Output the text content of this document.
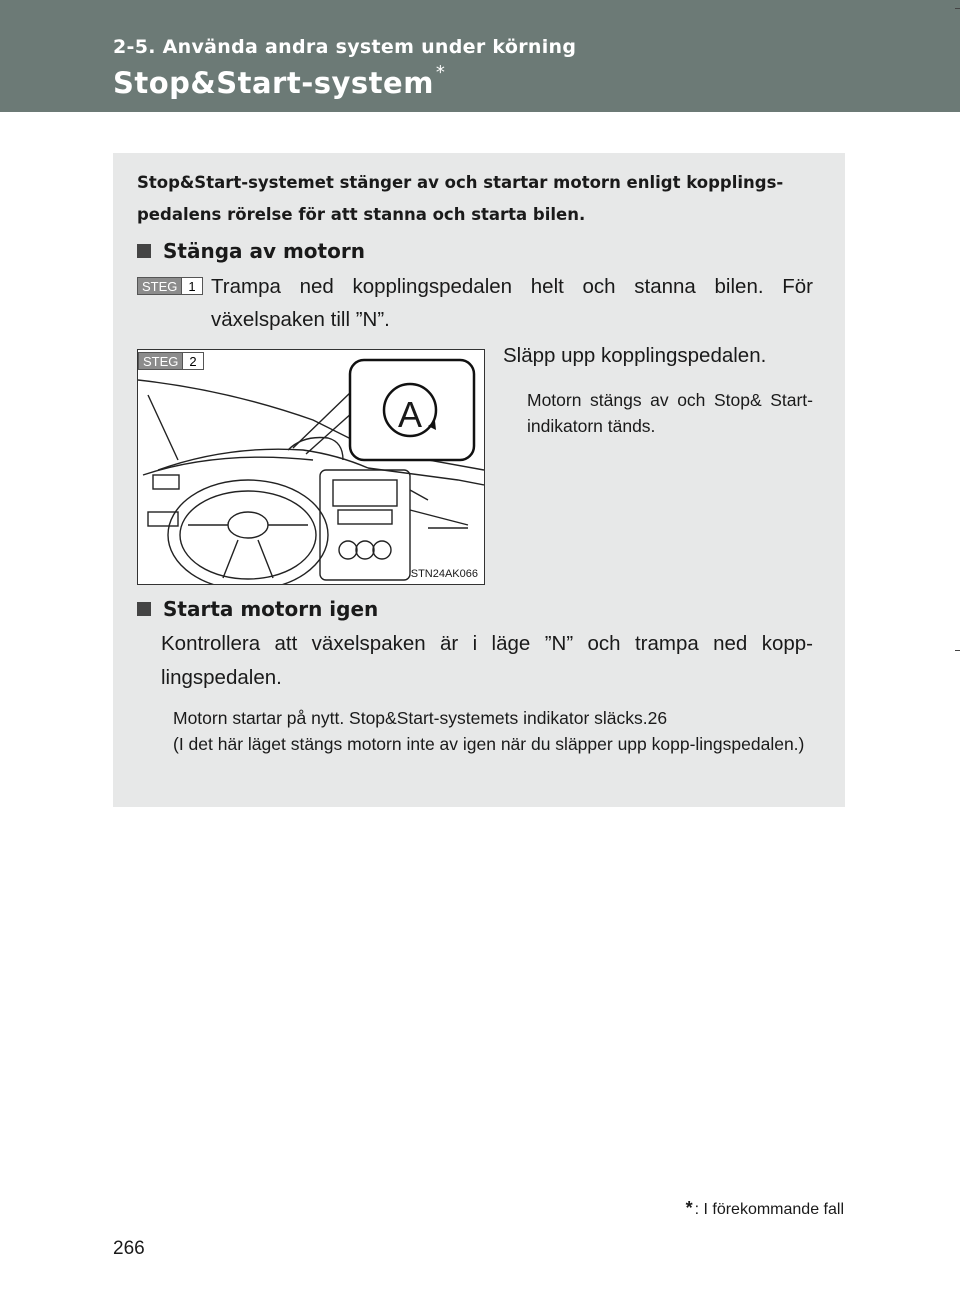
2-5. Använda andra system under körning
Stop&Start-system *
Stop&Start-systemet stänger av och startar motorn enligt kopplings-pedalens rörelse för att stanna och starta bilen.
Stänga av motorn
STEG 1 Trampa ned kopplingspedalen helt och stanna bilen. För växelspaken till ”N”.
A
STEG 2
STN24AK066
Släpp upp kopplingspedalen.
Motorn stängs av och Stop& Start-indikatorn tänds.
Starta motorn igen
Kontrollera att växelspaken är i läge ”N” och trampa ned kopp-lingspedalen.
Motorn startar på nytt. Stop&Start-systemets indikator släcks.26
(I det här läget stängs motorn inte av igen när du släpper upp kopp-lingspedalen.)
* : I förekommande fall
266
